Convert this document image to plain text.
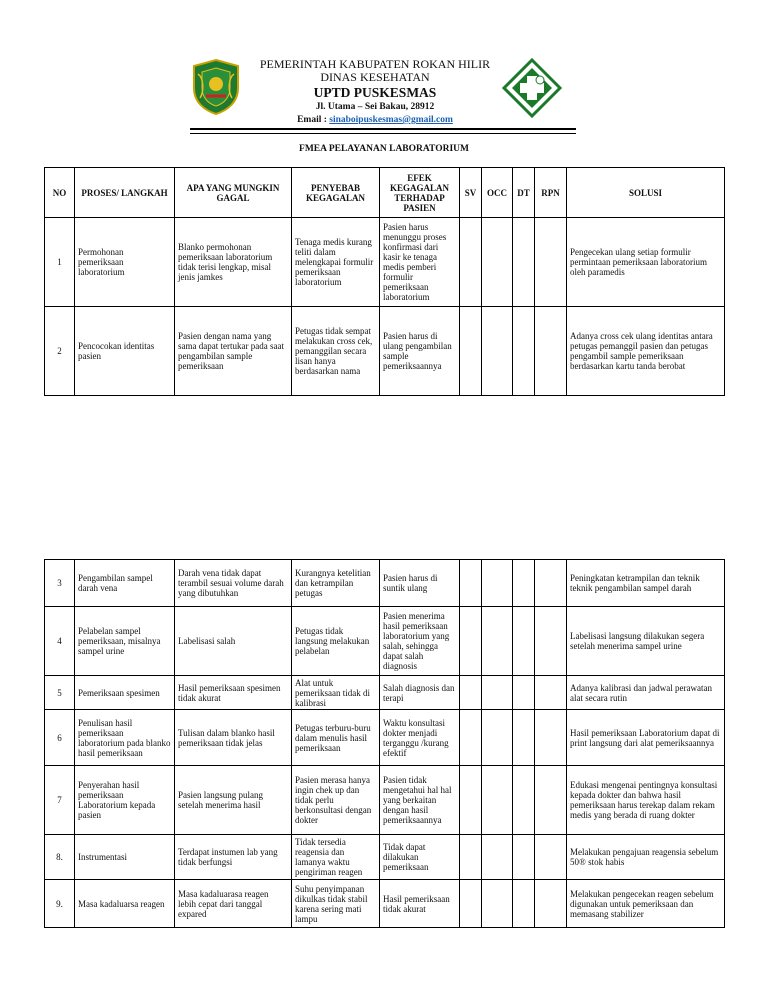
PEMERINTAH KABUPATEN ROKAN HILIR
DINAS KESEHATAN
UPTD PUSKESMAS
Jl. Utama – Sei Bakau, 28912
Email : sinaboipuskesmas@gmail.com
FMEA PELAYANAN LABORATORIUM
NO	PROSES/ LANGKAH	APA YANG MUNGKIN GAGAL	PENYEBAB KEGAGALAN	EFEK KEGAGALAN TERHADAP PASIEN	SV	OCC	DT	RPN	SOLUSI
1	Permohonan pemeriksaan laboratorium	Blanko permohonan pemeriksaan laboratorium tidak terisi lengkap, misal jenis jamkes	Tenaga medis kurang teliti dalam melengkapai formulir pemeriksaan laboratorium	Pasien harus menunggu proses konfirmasi dari kasir ke tenaga medis pemberi formulir pemeriksaan laboratorium					Pengecekan ulang setiap formulir permintaan pemeriksaan laboratorium oleh paramedis
2	Pencocokan identitas pasien	Pasien dengan nama yang sama dapat tertukar pada saat pengambilan sample pemeriksaan	Petugas tidak sempat melakukan cross cek, pemanggilan secara lisan hanya berdasarkan nama	Pasien harus di ulang pengambilan sample pemeriksaannya					Adanya cross cek ulang identitas antara petugas pemanggil pasien dan petugas pengambil sample pemeriksaan berdasarkan kartu tanda berobat
3	Pengambilan sampel darah vena	Darah vena tidak dapat terambil sesuai volume darah yang dibutuhkan	Kurangnya ketelitian dan ketrampilan petugas	Pasien harus di suntik ulang					Peningkatan ketrampilan dan teknik teknik pengambilan sampel darah
4	Pelabelan sampel pemeriksaan, misalnya sampel urine	Labelisasi salah	Petugas tidak langsung melakukan pelabelan	Pasien menerima hasil pemeriksaan laboratorium yang salah, sehingga dapat salah diagnosis					Labelisasi langsung dilakukan segera setelah menerima sampel urine
5	Pemeriksaan spesimen	Hasil pemeriksaan spesimen tidak akurat	Alat untuk pemeriksaan tidak di kalibrasi	Salah diagnosis dan terapi					Adanya kalibrasi dan jadwal perawatan alat secara rutin
6	Penulisan hasil pemeriksaan laboratorium pada blanko hasil pemeriksaan	Tulisan dalam blanko hasil pemeriksaan tidak jelas	Petugas terburu-buru dalam menulis hasil pemeriksaan	Waktu konsultasi dokter menjadi terganggu /kurang efektif					Hasil pemeriksaan Laboratorium dapat di print langsung dari alat pemeriksaannya
7	Penyerahan hasil pemeriksaan Laboratorium kepada pasien	Pasien langsung pulang setelah menerima hasil	Pasien merasa hanya ingin chek up dan tidak perlu berkonsultasi dengan dokter	Pasien tidak mengetahui hal hal yang berkaitan dengan hasil pemeriksaannya					Edukasi mengenai pentingnya konsultasi kepada dokter dan bahwa hasil pemeriksaan harus terekap dalam rekam medis yang berada di ruang dokter
8.	Instrumentasi	Terdapat instumen lab yang tidak berfungsi	Tidak tersedia reagensia dan lamanya waktu pengiriman reagen	Tidak dapat dilakukan pemeriksaan					Melakukan pengajuan reagensia sebelum 50® stok habis
9.	Masa kadaluarsa reagen	Masa kadaluarasa reagen lebih cepat dari tanggal expared	Suhu penyimpanan dikulkas tidak stabil karena sering mati lampu	Hasil pemeriksaan tidak akurat					Melakukan pengecekan reagen sebelum digunakan untuk pemeriksaan dan memasang stabilizer
